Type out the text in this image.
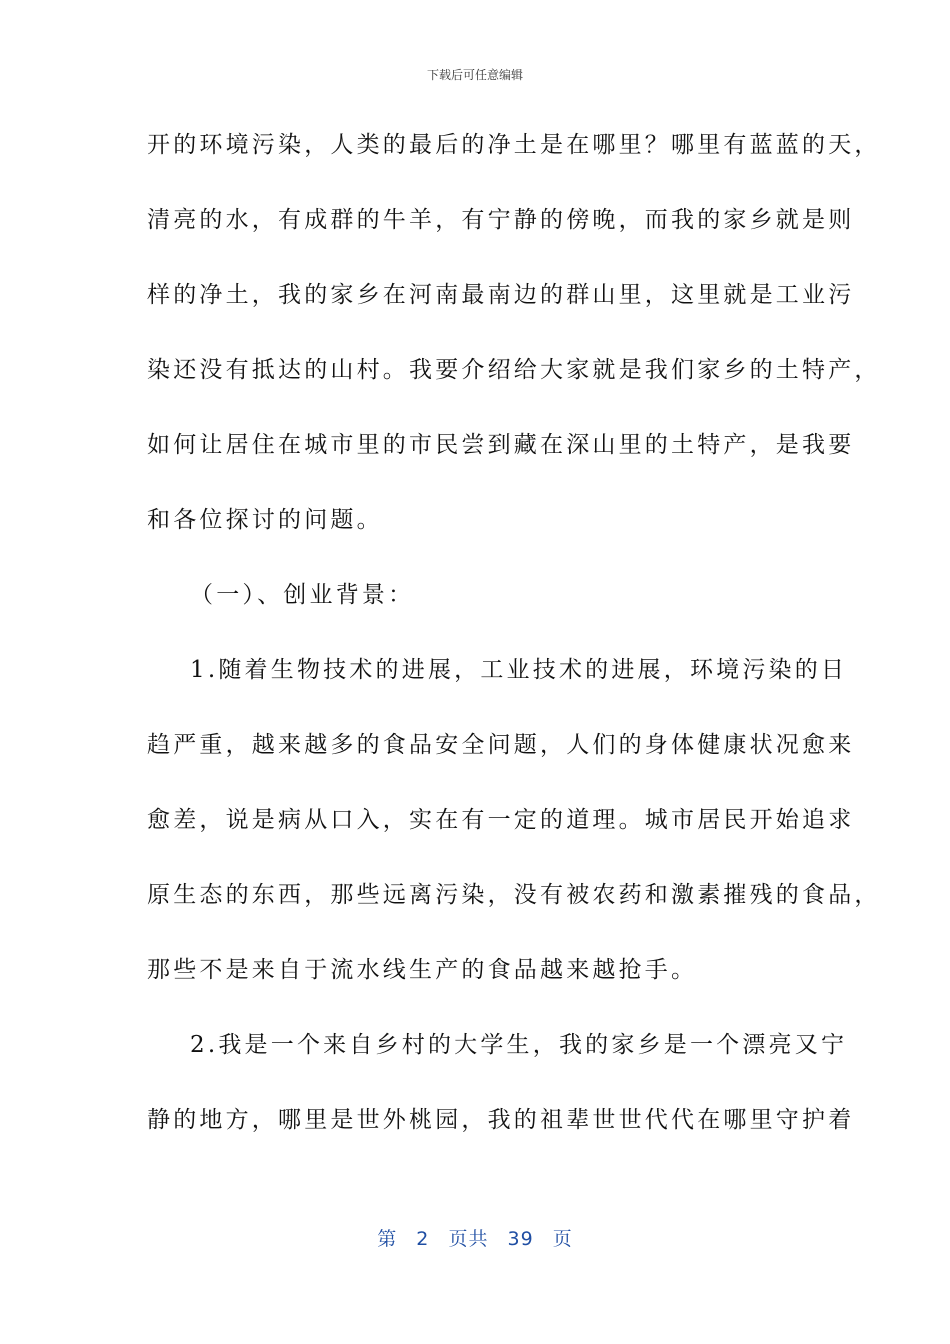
下载后可任意编辑
开的环境污染，人类的最后的净土是在哪里？哪里有蓝蓝的天，
清亮的水，有成群的牛羊，有宁静的傍晚，而我的家乡就是则
样的净土，我的家乡在河南最南边的群山里，这里就是工业污
染还没有抵达的山村。我要介绍给大家就是我们家乡的土特产，
如何让居住在城市里的市民尝到藏在深山里的土特产，是我要
和各位探讨的问题。
（一）、创业背景：
1.随着生物技术的进展，工业技术的进展，环境污染的日
趋严重，越来越多的食品安全问题，人们的身体健康状况愈来
愈差，说是病从口入，实在有一定的道理。城市居民开始追求
原生态的东西，那些远离污染，没有被农药和激素摧残的食品，
那些不是来自于流水线生产的食品越来越抢手。
2.我是一个来自乡村的大学生，我的家乡是一个漂亮又宁
静的地方，哪里是世外桃园，我的祖辈世世代代在哪里守护着
第 2 页共 39 页
